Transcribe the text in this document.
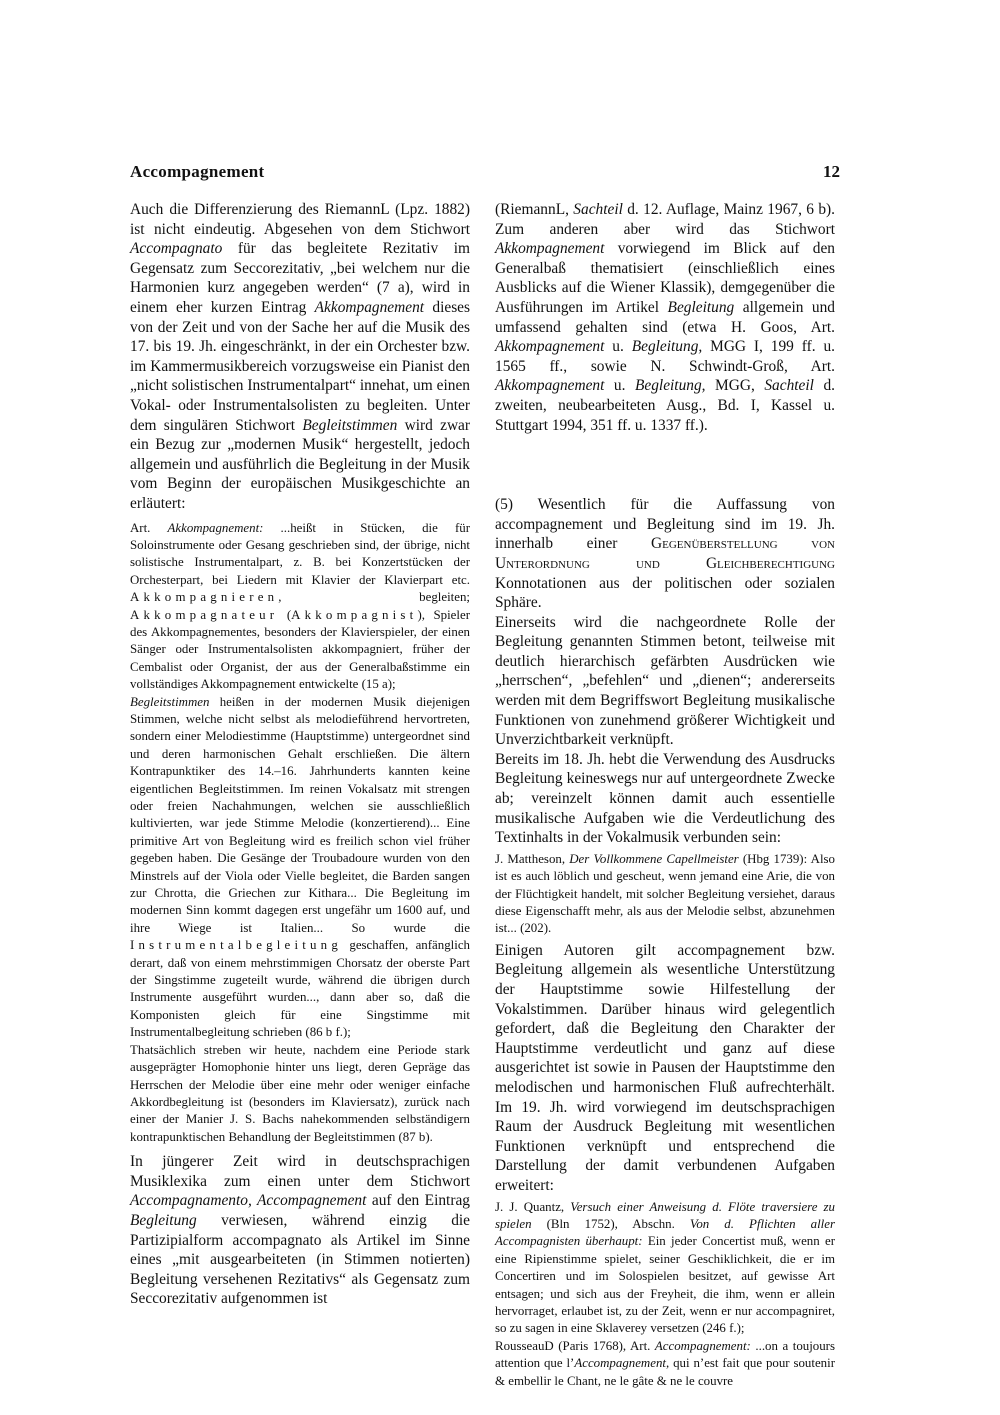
Accompagnement	12

Auch die Differenzierung des RiemannL (Lpz. 1882) ist nicht eindeutig. Abgesehen von dem Stichwort Accompagnato für das begleitete Rezitativ im Gegensatz zum Seccorezitativ, „bei welchem nur die Harmonien kurz angegeben werden“ (7 a), wird in einem eher kurzen Eintrag Akkompagnement dieses von der Zeit und von der Sache her auf die Musik des 17. bis 19. Jh. eingeschränkt, in der ein Orchester bzw. im Kammermusikbereich vorzugsweise ein Pianist den „nicht solistischen Instrumentalpart“ innehat, um einen Vokal- oder Instrumentalsolisten zu begleiten. Unter dem singulären Stichwort Begleitstimmen wird zwar ein Bezug zur „modernen Musik“ hergestellt, jedoch allgemein und ausführlich die Begleitung in der Musik vom Beginn der europäischen Musikgeschichte an erläutert:

Art. Akkompagnement: ...heißt in Stücken, die für Soloinstrumente oder Gesang geschrieben sind, der übrige, nicht solistische Instrumentalpart, z. B. bei Konzertstücken der Orchesterpart, bei Liedern mit Klavier der Klavierpart etc. Akkompagnieren, begleiten; Akkompagnateur (Akkompagnist), Spieler des Akkompagnementes, besonders der Klavierspieler, der einen Sänger oder Instrumentalsolisten akkompagniert, früher der Cembalist oder Organist, der aus der Generalbaßstimme ein vollständiges Akkompagnement entwickelte (15 a);

Begleitstimmen heißen in der modernen Musik diejenigen Stimmen, welche nicht selbst als melodieführend hervortreten, sondern einer Melodiestimme (Hauptstimme) untergeordnet sind und deren harmonischen Gehalt erschließen. Die ältern Kontrapunktiker des 14.–16. Jahrhunderts kannten keine eigentlichen Begleitstimmen. Im reinen Vokalsatz mit strengen oder freien Nachahmungen, welchen sie ausschließlich kultivierten, war jede Stimme Melodie (konzertierend)... Eine primitive Art von Begleitung wird es freilich schon viel früher gegeben haben. Die Gesänge der Troubadoure wurden von den Minstrels auf der Viola oder Vielle begleitet, die Barden sangen zur Chrotta, die Griechen zur Kithara... Die Begleitung im modernen Sinn kommt dagegen erst ungefähr um 1600 auf, und ihre Wiege ist Italien... So wurde die Instrumentalbegleitung geschaffen, anfänglich derart, daß von einem mehrstimmigen Chorsatz der oberste Part der Singstimme zugeteilt wurde, während die übrigen durch Instrumente ausgeführt wurden..., dann aber so, daß die Komponisten gleich für eine Singstimme mit Instrumentalbegleitung schrieben (86 b f.);

Thatsächlich streben wir heute, nachdem eine Periode stark ausgeprägter Homophonie hinter uns liegt, deren Gepräge das Herrschen der Melodie über eine mehr oder weniger einfache Akkordbegleitung ist (besonders im Klaviersatz), zurück nach einer der Manier J. S. Bachs nahekommenden selbständigern kontrapunktischen Behandlung der Begleitstimmen (87 b).

In jüngerer Zeit wird in deutschsprachigen Musiklexika zum einen unter dem Stichwort Accompagnamento, Accompagnement auf den Eintrag Begleitung verwiesen, während einzig die Partizipialform accompagnato als Artikel im Sinne eines „mit ausgearbeiteten (in Stimmen notierten) Begleitung versehenen Rezitativs“ als Gegensatz zum Seccorezitativ aufgenommen ist

(RiemannL, Sachteil d. 12. Auflage, Mainz 1967, 6 b). Zum anderen aber wird das Stichwort Akkompagnement vorwiegend im Blick auf den Generalbaß thematisiert (einschließlich eines Ausblicks auf die Wiener Klassik), demgegenüber die Ausführungen im Artikel Begleitung allgemein und umfassend gehalten sind (etwa H. Goos, Art. Akkompagnement u. Begleitung, MGG I, 199 ff. u. 1565 ff., sowie N. Schwindt-Groß, Art. Akkompagnement u. Begleitung, MGG, Sachteil d. zweiten, neubearbeiteten Ausg., Bd. I, Kassel u. Stuttgart 1994, 351 ff. u. 1337 ff.).

(5) Wesentlich für die Auffassung von accompagnement und Begleitung sind im 19. Jh. innerhalb einer Gegenüberstellung von Unterordnung und Gleichberechtigung Konnotationen aus der politischen oder sozialen Sphäre.

Einerseits wird die nachgeordnete Rolle der Begleitung genannten Stimmen betont, teilweise mit deutlich hierarchisch gefärbten Ausdrücken wie „herrschen“, „befehlen“ und „dienen“; andererseits werden mit dem Begriffswort Begleitung musikalische Funktionen von zunehmend größerer Wichtigkeit und Unverzichtbarkeit verknüpft.

Bereits im 18. Jh. hebt die Verwendung des Ausdrucks Begleitung keineswegs nur auf untergeordnete Zwecke ab; vereinzelt können damit auch essentielle musikalische Aufgaben wie die Verdeutlichung des Textinhalts in der Vokalmusik verbunden sein:

J. Mattheson, Der Vollkommene Capellmeister (Hbg 1739): Also ist es auch löblich und gescheut, wenn jemand eine Arie, die von der Flüchtigkeit handelt, mit solcher Begleitung versiehet, daraus diese Eigenschafft mehr, als aus der Melodie selbst, abzunehmen ist... (202).

Einigen Autoren gilt accompagnement bzw. Begleitung allgemein als wesentliche Unterstützung der Hauptstimme sowie Hilfestellung der Vokalstimmen. Darüber hinaus wird gelegentlich gefordert, daß die Begleitung den Charakter der Hauptstimme verdeutlicht und ganz auf diese ausgerichtet ist sowie in Pausen der Hauptstimme den melodischen und harmonischen Fluß aufrechterhält. Im 19. Jh. wird vorwiegend im deutschsprachigen Raum der Ausdruck Begleitung mit wesentlichen Funktionen verknüpft und entsprechend die Darstellung der damit verbundenen Aufgaben erweitert:

J. J. Quantz, Versuch einer Anweisung d. Flöte traversiere zu spielen (Bln 1752), Abschn. Von d. Pflichten aller Accompagnisten überhaupt: Ein jeder Concertist muß, wenn er eine Ripienstimme spielet, seiner Geschiklichkeit, die er im Concertiren und im Solospielen besitzet, auf gewisse Art entsagen; und sich aus der Freyheit, die ihm, wenn er allein hervorraget, erlaubet ist, zu der Zeit, wenn er nur accompagniret, so zu sagen in eine Sklaverey versetzen (246 f.);

RousseauD (Paris 1768), Art. Accompagnement: ...on a toujours attention que l’Accompagnement, qui n’est fait que pour soutenir & embellir le Chant, ne le gâte & ne le couvre
